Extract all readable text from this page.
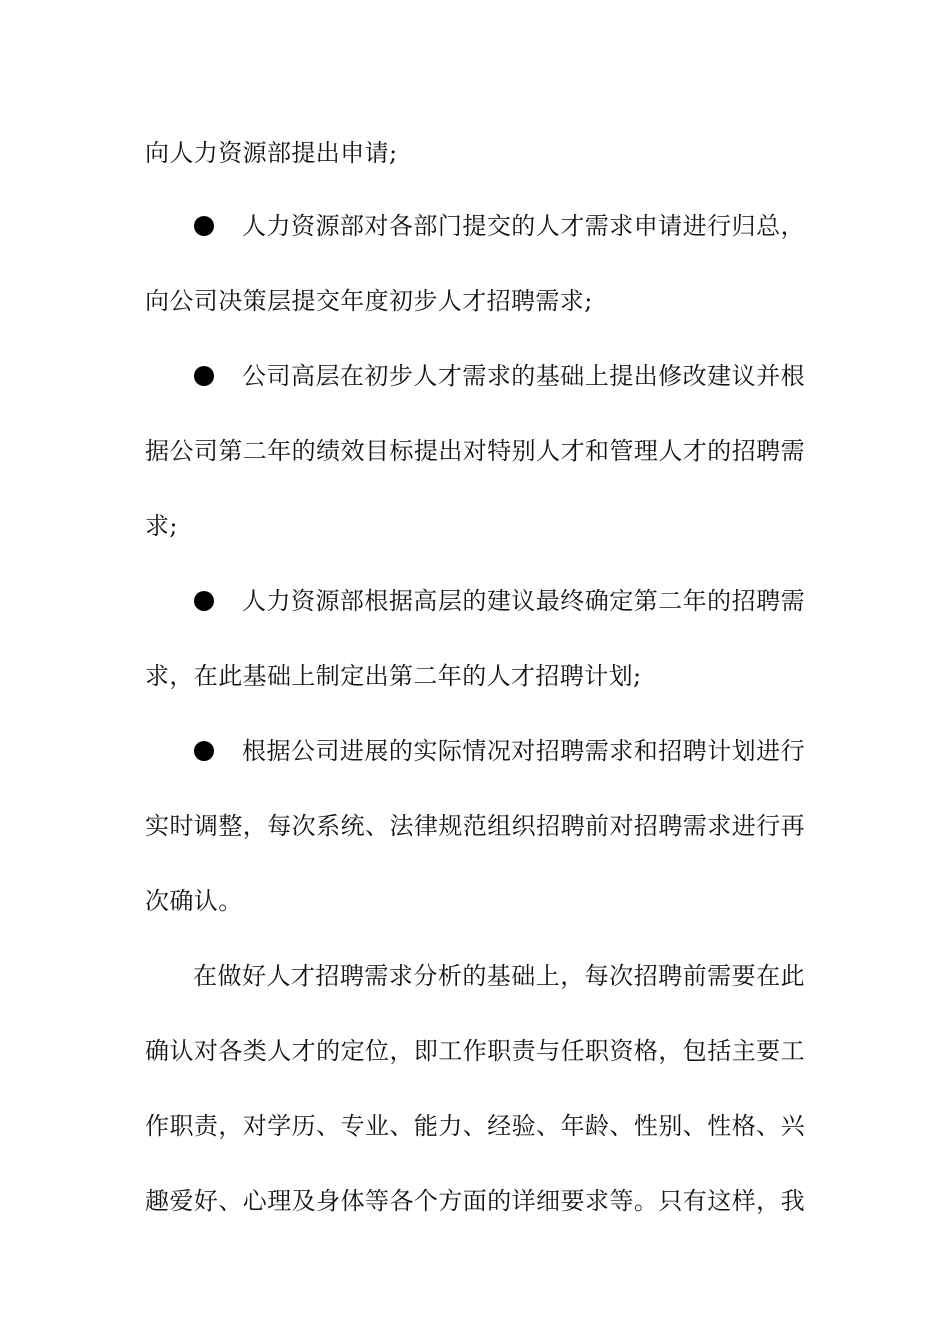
向人力资源部提出申请;
人力资源部对各部门提交的人才需求申请进行归总，
向公司决策层提交年度初步人才招聘需求;
公司高层在初步人才需求的基础上提出修改建议并根
据公司第二年的绩效目标提出对特别人才和管理人才的招聘需
求;
人力资源部根据高层的建议最终确定第二年的招聘需
求，在此基础上制定出第二年的人才招聘计划;
根据公司进展的实际情况对招聘需求和招聘计划进行
实时调整，每次系统、法律规范组织招聘前对招聘需求进行再
次确认。
在做好人才招聘需求分析的基础上，每次招聘前需要在此
确认对各类人才的定位，即工作职责与任职资格，包括主要工
作职责，对学历、专业、能力、经验、年龄、性别、性格、兴
趣爱好、心理及身体等各个方面的详细要求等。只有这样，我
